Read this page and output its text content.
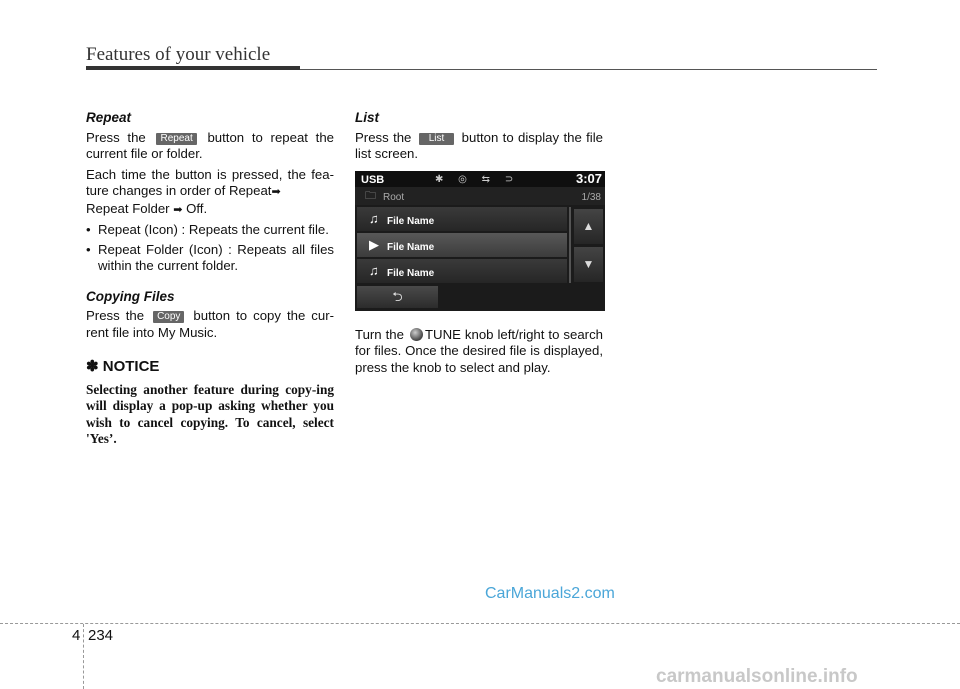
Features of your vehicle
Repeat

Press the Repeat button to repeat the current file or folder.

Each time the button is pressed, the fea-ture changes in order of Repeat➡
Repeat Folder ➡ Off.

• Repeat (Icon) : Repeats the current file.
• Repeat Folder (Icon) : Repeats all files within the current folder.
Copying Files

Press the Copy button to copy the cur-rent file into My Music.

✽ NOTICE
Selecting another feature during copy-ing will display a pop-up asking whether you wish to cancel copying. To cancel, select 'Yes’.
List

Press the List button to display the file list screen.

USB	✱ ◎ ⇆ ⊃	3:07
🗀 Root	1/38
♫ File Name
▶ File Name
♫ File Name
▲
▼
⮌

Turn the TUNE knob left/right to search for files. Once the desired file is displayed, press the knob to select and play.

CarManuals2.com
4 234
carmanualsonline.info
